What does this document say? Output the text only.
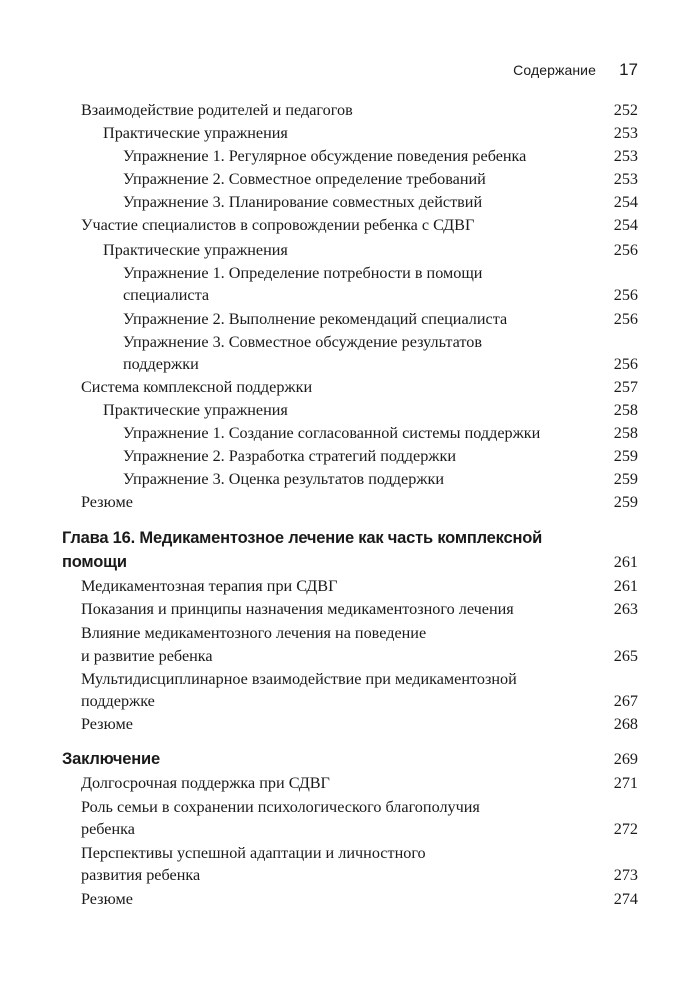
Содержание 17
Взаимодействие родителей и педагогов	252
Практические упражнения	253
Упражнение 1. Регулярное обсуждение поведения ребенка	253
Упражнение 2. Совместное определение требований	253
Упражнение 3. Планирование совместных действий	254
Участие специалистов в сопровождении ребенка с СДВГ	254
Практические упражнения	256
Упражнение 1. Определение потребности в помощи
специалиста	256
Упражнение 2. Выполнение рекомендаций специалиста	256
Упражнение 3. Совместное обсуждение результатов
поддержки	256
Система комплексной поддержки	257
Практические упражнения	258
Упражнение 1. Создание согласованной системы поддержки	258
Упражнение 2. Разработка стратегий поддержки	259
Упражнение 3. Оценка результатов поддержки	259
Резюме	259
Глава 16. Медикаментозное лечение как часть комплексной
помощи	261
Медикаментозная терапия при СДВГ	261
Показания и принципы назначения медикаментозного лечения	263
Влияние медикаментозного лечения на поведение
и развитие ребенка	265
Мультидисциплинарное взаимодействие при медикаментозной
поддержке	267
Резюме	268
Заключение	269
Долгосрочная поддержка при СДВГ	271
Роль семьи в сохранении психологического благополучия
ребенка	272
Перспективы успешной адаптации и личностного
развития ребенка	273
Резюме	274
